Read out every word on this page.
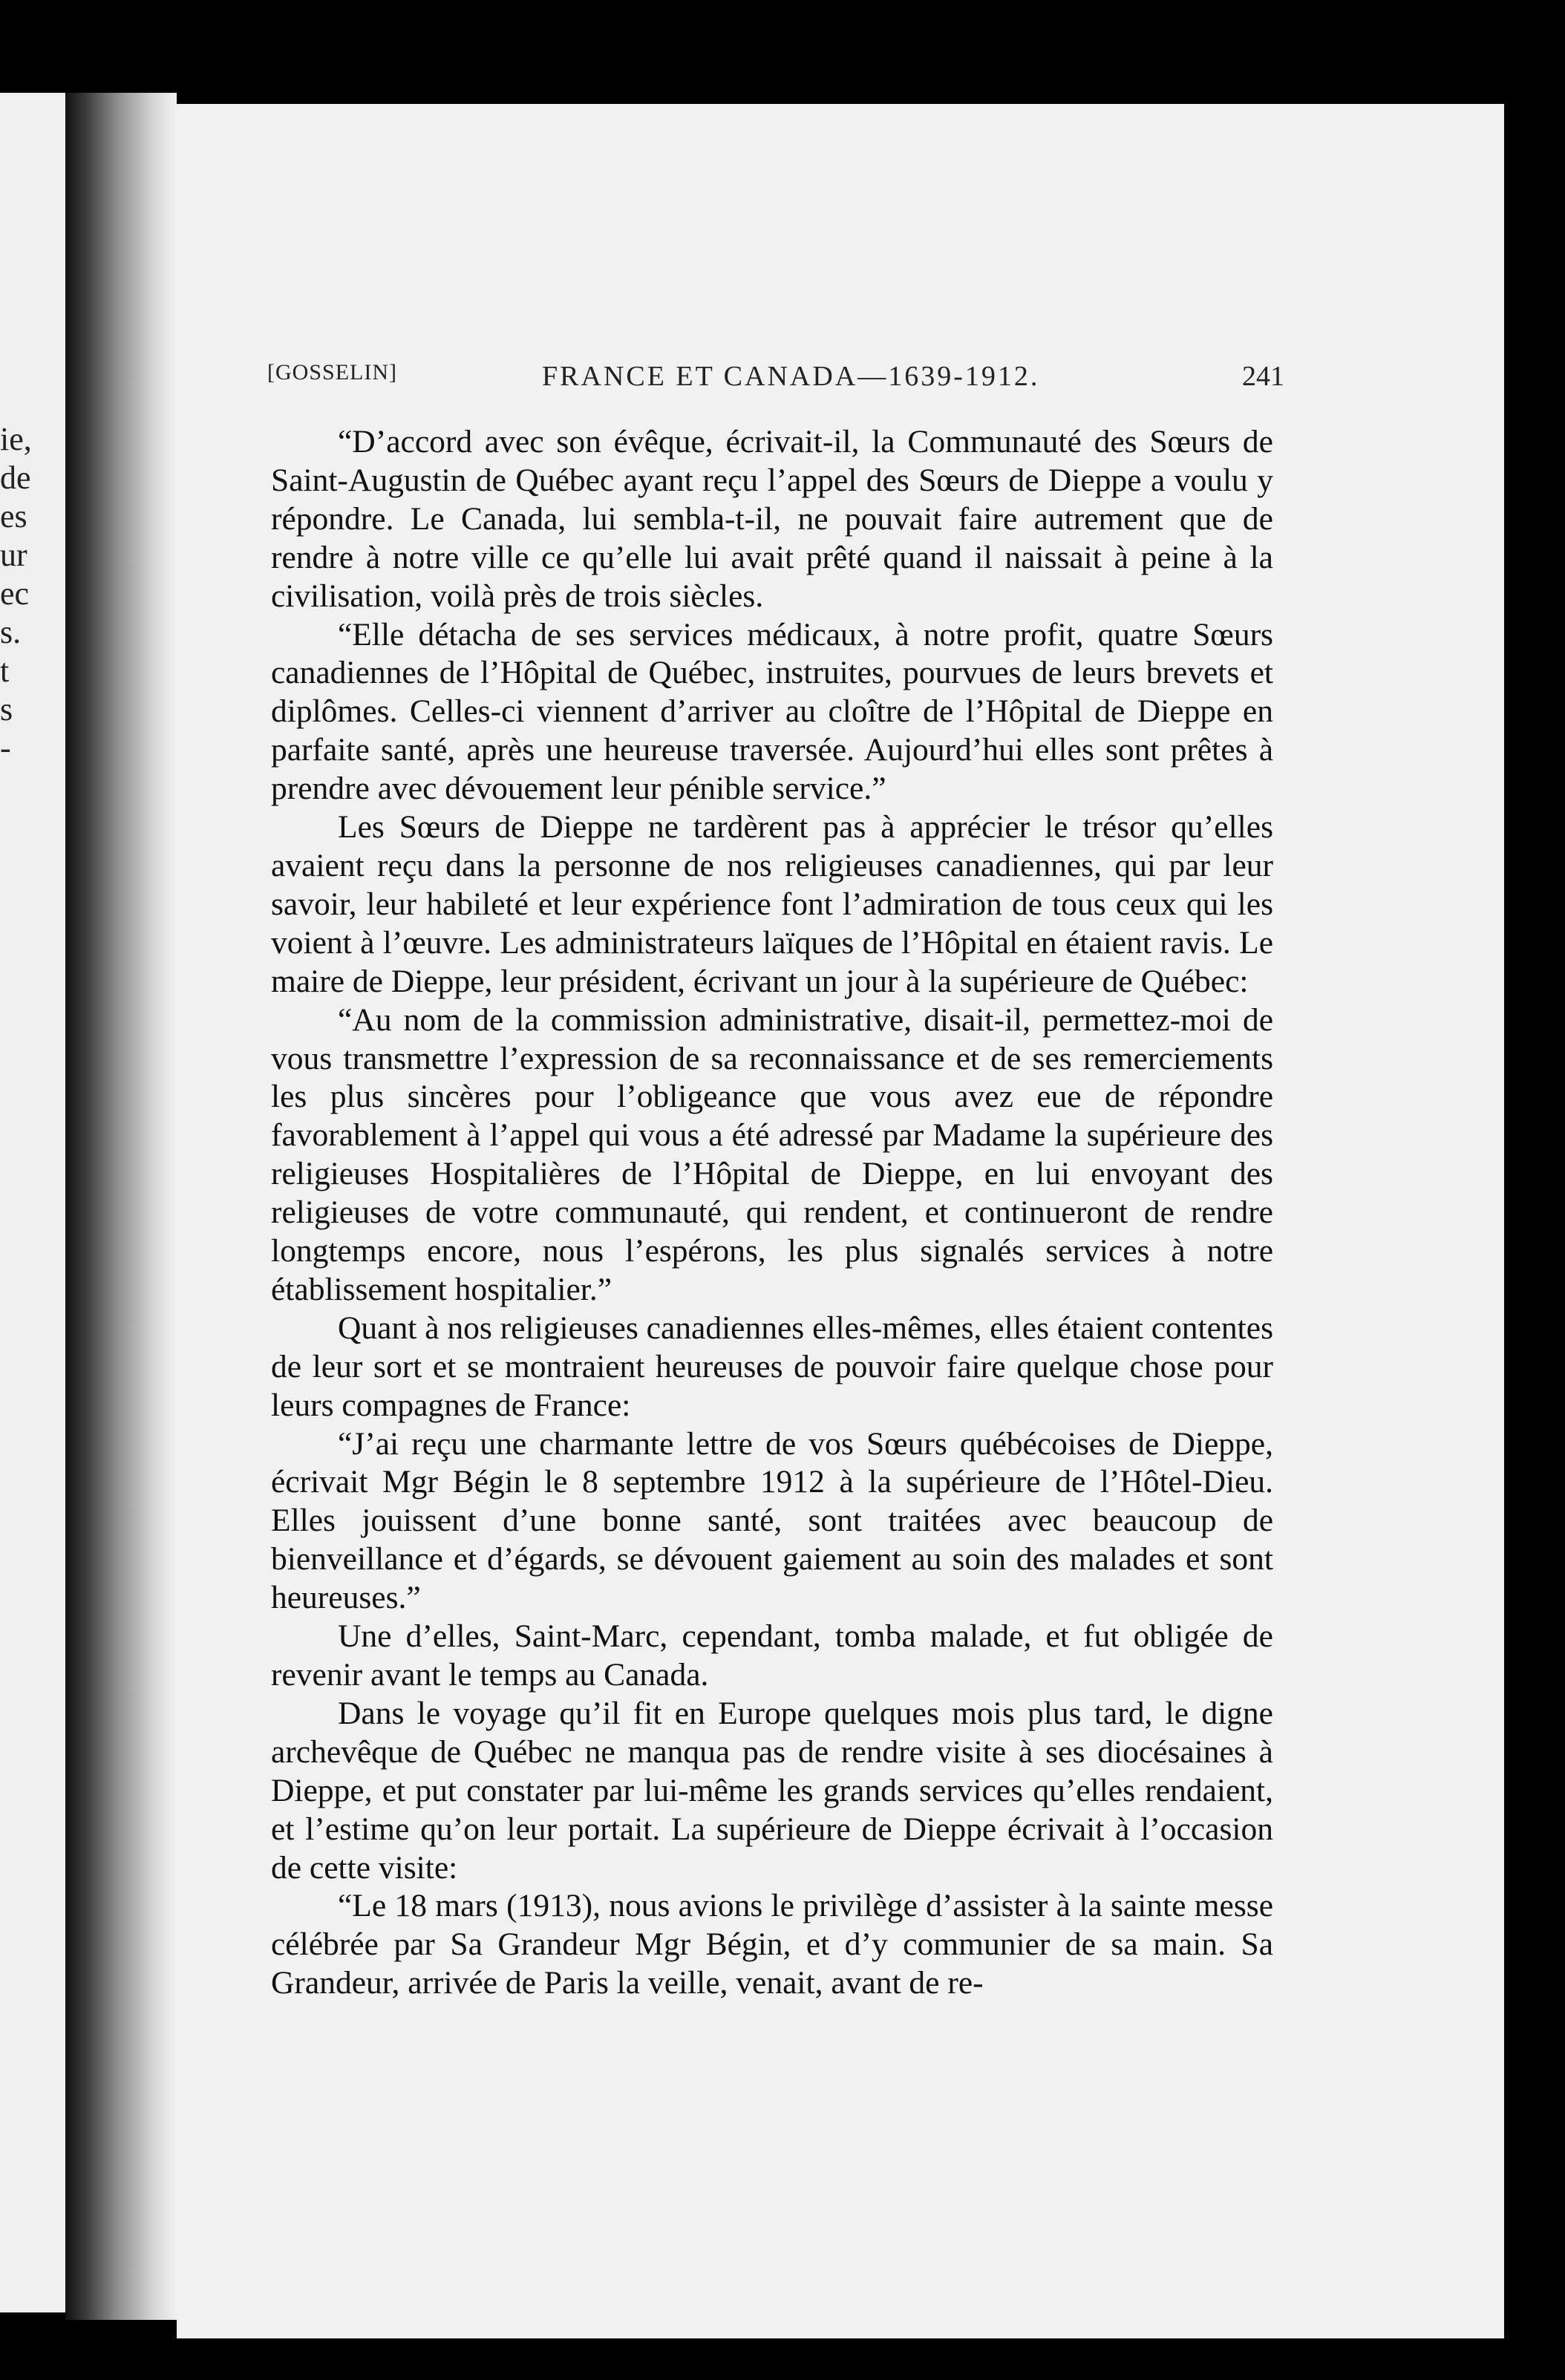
ie,
de
es
ur
ec
s.
t
s
-
[GOSSELIN]	FRANCE ET CANADA—1639-1912.	241

“D’accord avec son évêque, écrivait-il, la Communauté des Sœurs de Saint-Augustin de Québec ayant reçu l’appel des Sœurs de Dieppe a voulu y répondre. Le Canada, lui sembla-t-il, ne pouvait faire autrement que de rendre à notre ville ce qu’elle lui avait prêté quand il naissait à peine à la civilisation, voilà près de trois siècles.

“Elle détacha de ses services médicaux, à notre profit, quatre Sœurs canadiennes de l’Hôpital de Québec, instruites, pourvues de leurs brevets et diplômes. Celles-ci viennent d’arriver au cloître de l’Hôpital de Dieppe en parfaite santé, après une heureuse traversée. Aujourd’hui elles sont prêtes à prendre avec dévouement leur pénible service.”

Les Sœurs de Dieppe ne tardèrent pas à apprécier le trésor qu’elles avaient reçu dans la personne de nos religieuses canadiennes, qui par leur savoir, leur habileté et leur expérience font l’admiration de tous ceux qui les voient à l’œuvre. Les administrateurs laïques de l’Hôpital en étaient ravis. Le maire de Dieppe, leur président, écrivant un jour à la supérieure de Québec:

“Au nom de la commission administrative, disait-il, permettez-moi de vous transmettre l’expression de sa reconnaissance et de ses remerciements les plus sincères pour l’obligeance que vous avez eue de répondre favorablement à l’appel qui vous a été adressé par Madame la supérieure des religieuses Hospitalières de l’Hôpital de Dieppe, en lui envoyant des religieuses de votre communauté, qui rendent, et continueront de rendre longtemps encore, nous l’espérons, les plus signalés services à notre établissement hospitalier.”

Quant à nos religieuses canadiennes elles-mêmes, elles étaient contentes de leur sort et se montraient heureuses de pouvoir faire quelque chose pour leurs compagnes de France:

“J’ai reçu une charmante lettre de vos Sœurs québécoises de Dieppe, écrivait Mgr Bégin le 8 septembre 1912 à la supérieure de l’Hôtel-Dieu. Elles jouissent d’une bonne santé, sont traitées avec beaucoup de bienveillance et d’égards, se dévouent gaiement au soin des malades et sont heureuses.”

Une d’elles, Saint-Marc, cependant, tomba malade, et fut obligée de revenir avant le temps au Canada.

Dans le voyage qu’il fit en Europe quelques mois plus tard, le digne archevêque de Québec ne manqua pas de rendre visite à ses diocésaines à Dieppe, et put constater par lui-même les grands services qu’elles rendaient, et l’estime qu’on leur portait. La supérieure de Dieppe écrivait à l’occasion de cette visite:

“Le 18 mars (1913), nous avions le privilège d’assister à la sainte messe célébrée par Sa Grandeur Mgr Bégin, et d’y communier de sa main. Sa Grandeur, arrivée de Paris la veille, venait, avant de re-
